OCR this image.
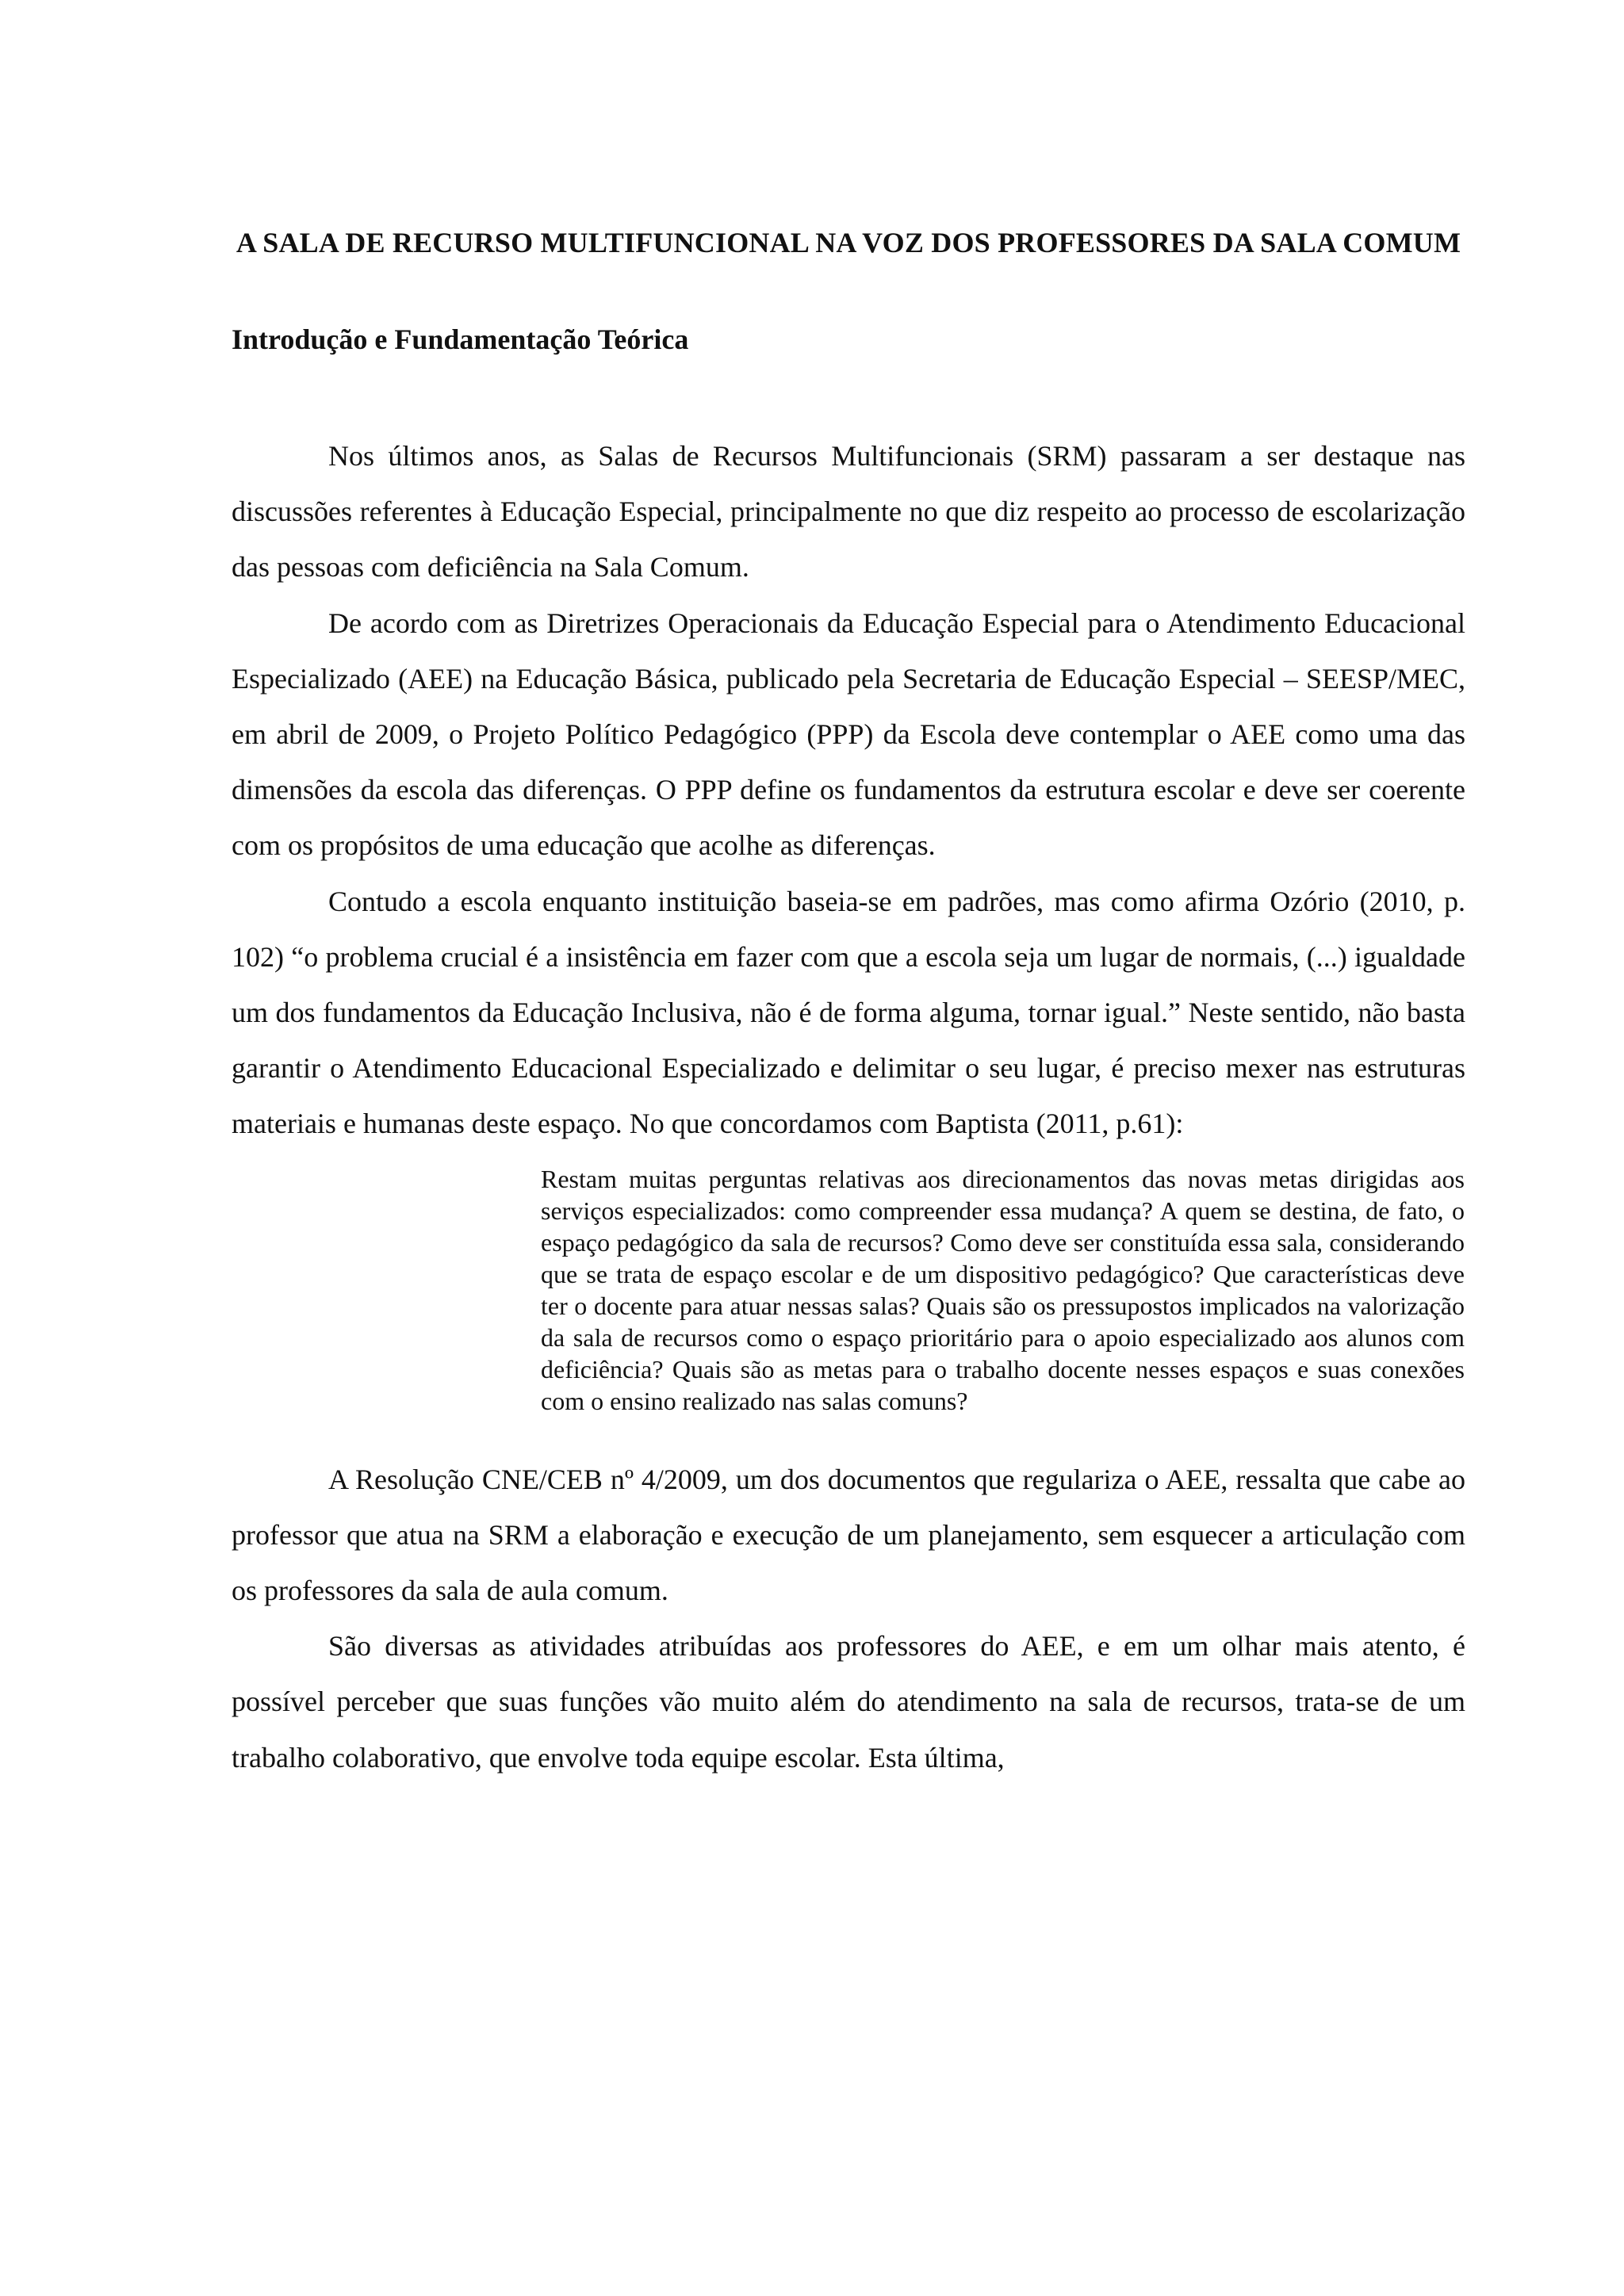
A SALA DE RECURSO MULTIFUNCIONAL NA VOZ DOS PROFESSORES DA SALA COMUM
Introdução e Fundamentação Teórica

Nos últimos anos, as Salas de Recursos Multifuncionais (SRM) passaram a ser destaque nas discussões referentes à Educação Especial, principalmente no que diz respeito ao processo de escolarização das pessoas com deficiência na Sala Comum.

De acordo com as Diretrizes Operacionais da Educação Especial para o Atendimento Educacional Especializado (AEE) na Educação Básica, publicado pela Secretaria de Educação Especial – SEESP/MEC, em abril de 2009, o Projeto Político Pedagógico (PPP) da Escola deve contemplar o AEE como uma das dimensões da escola das diferenças. O PPP define os fundamentos da estrutura escolar e deve ser coerente com os propósitos de uma educação que acolhe as diferenças.

Contudo a escola enquanto instituição baseia-se em padrões, mas como afirma Ozório (2010, p. 102) “o problema crucial é a insistência em fazer com que a escola seja um lugar de normais, (...) igualdade um dos fundamentos da Educação Inclusiva, não é de forma alguma, tornar igual.” Neste sentido, não basta garantir o Atendimento Educacional Especializado e delimitar o seu lugar, é preciso mexer nas estruturas materiais e humanas deste espaço. No que concordamos com Baptista (2011, p.61):

Restam muitas perguntas relativas aos direcionamentos das novas metas dirigidas aos serviços especializados: como compreender essa mudança? A quem se destina, de fato, o espaço pedagógico da sala de recursos? Como deve ser constituída essa sala, considerando que se trata de espaço escolar e de um dispositivo pedagógico? Que características deve ter o docente para atuar nessas salas? Quais são os pressupostos implicados na valorização da sala de recursos como o espaço prioritário para o apoio especializado aos alunos com deficiência? Quais são as metas para o trabalho docente nesses espaços e suas conexões com o ensino realizado nas salas comuns?

A Resolução CNE/CEB nº 4/2009, um dos documentos que regulariza o AEE, ressalta que cabe ao professor que atua na SRM a elaboração e execução de um planejamento, sem esquecer a articulação com os professores da sala de aula comum.

São diversas as atividades atribuídas aos professores do AEE, e em um olhar mais atento, é possível perceber que suas funções vão muito além do atendimento na sala de recursos, trata-se de um trabalho colaborativo, que envolve toda equipe escolar. Esta última,
